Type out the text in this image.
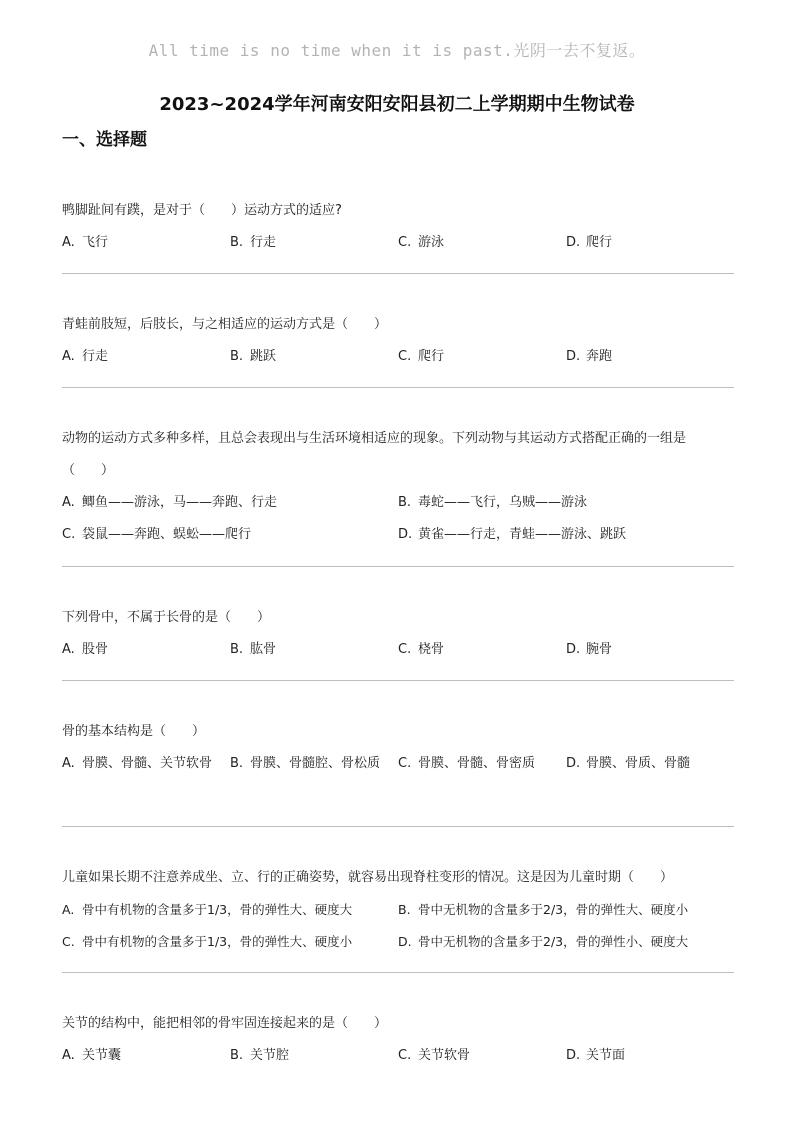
All time is no time when it is past.光阴一去不复返。
2023~2024学年河南安阳安阳县初二上学期期中生物试卷
一、选择题
鸭脚趾间有蹼，是对于（　　）运动方式的适应?
A. 飞行	B. 行走	C. 游泳	D. 爬行
青蛙前肢短，后肢长，与之相适应的运动方式是（　　）
A. 行走	B. 跳跃	C. 爬行	D. 奔跑
动物的运动方式多种多样，且总会表现出与生活环境相适应的现象。下列动物与其运动方式搭配正确的一组是
（　　）
A. 鲫鱼——游泳，马——奔跑、行走	B. 毒蛇——飞行，乌贼——游泳
C. 袋鼠——奔跑、蜈蚣——爬行	D. 黄雀——行走，青蛙——游泳、跳跃
下列骨中，不属于长骨的是（　　）
A. 股骨	B. 肱骨	C. 桡骨	D. 腕骨
骨的基本结构是（　　）
A. 骨膜、骨髓、关节软骨	B. 骨膜、骨髓腔、骨松质	C. 骨膜、骨髓、骨密质	D. 骨膜、骨质、骨髓
儿童如果长期不注意养成坐、立、行的正确姿势，就容易出现脊柱变形的情况。这是因为儿童时期（　　）
A. 骨中有机物的含量多于1/3，骨的弹性大、硬度大	B. 骨中无机物的含量多于2/3，骨的弹性大、硬度小
C. 骨中有机物的含量多于1/3，骨的弹性大、硬度小	D. 骨中无机物的含量多于2/3，骨的弹性小、硬度大
关节的结构中，能把相邻的骨牢固连接起来的是（　　）
A. 关节囊	B. 关节腔	C. 关节软骨	D. 关节面
